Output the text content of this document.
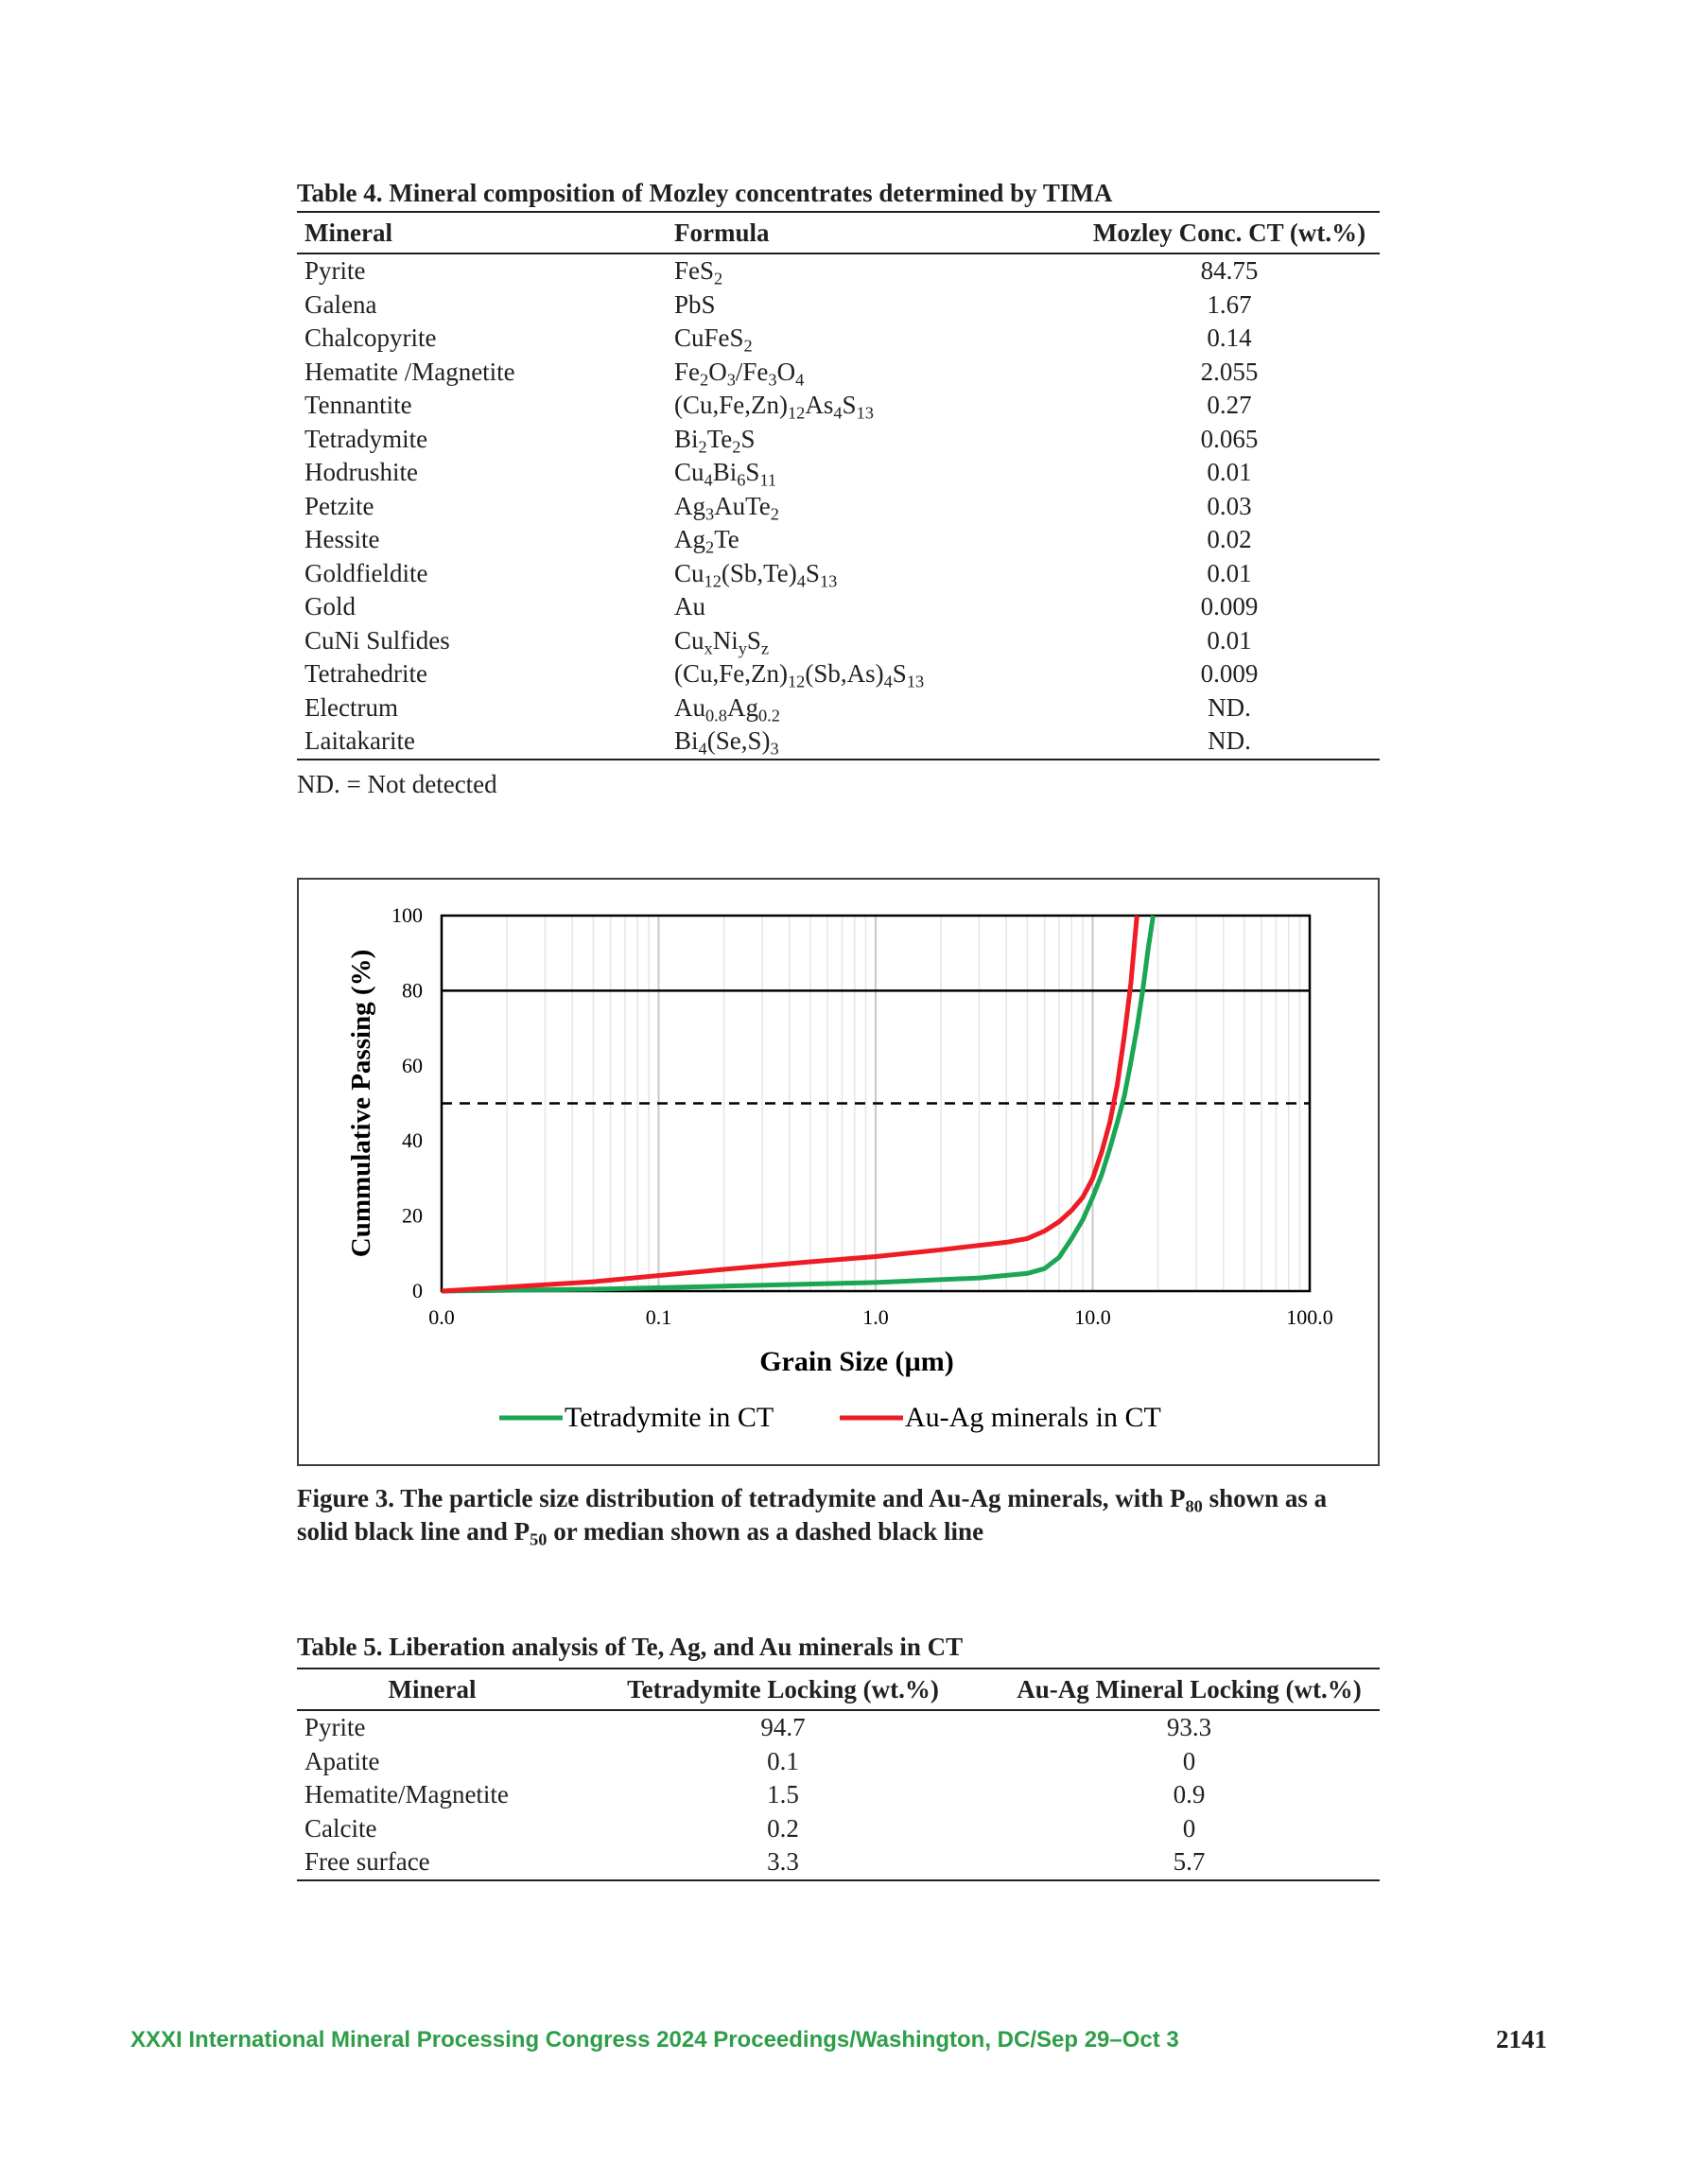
Table 4. Mineral composition of Mozley concentrates determined by TIMA
Mineral	Formula	Mozley Conc. CT (wt.%)
Pyrite	FeS$_2$	84.75
Galena	PbS	1.67
Chalcopyrite	CuFeS$_2$	0.14
Hematite /Magnetite	$Fe_2O_3/Fe_3O_4$	2.055
Tennantite	$(Cu,Fe,Zn)_{12}As_4S_{13}$	0.27
Tetradymite	$Bi_2Te_2S$	0.065
Hodrushite	$Cu_4Bi_6S_{11}$	0.01
Petzite	$Ag_3AuTe_2$	0.03
Hessite	$Ag_2Te$	0.02
Goldfieldite	$Cu_{12}(Sb,Te)_4S_{13}$	0.01
Gold	Au	0.009
CuNi Sulfides	$Cu_xNi_yS_z$	0.01
Tetrahedrite	$(Cu,Fe,Zn)_{12}(Sb,As)_4S_{13}$	0.009
Electrum	$Au_{0.8}Ag_{0.2}$	ND.
Laitakarite	$Bi_4(Se,S)_3$	ND.
ND. = Not detected
0
20
40
60
80
100
0.0	0.1	1.0	10.0	100.0
Grain Size (µm)
Cummulative Passing (%)
Tetradymite in CT	Au-Ag minerals in CT
Figure 3. The particle size distribution of tetradymite and Au-Ag minerals, with $P_{80}$ shown as a solid black line and $P_{50}$ or median shown as a dashed black line
Table 5. Liberation analysis of Te, Ag, and Au minerals in CT
Mineral	Tetradymite Locking (wt.%)	Au-Ag Mineral Locking (wt.%)
Pyrite	94.7	93.3
Apatite	0.1	0
Hematite/Magnetite	1.5	0.9
Calcite	0.2	0
Free surface	3.3	5.7
XXXI International Mineral Processing Congress 2024 Proceedings/Washington, DC/Sep 29–Oct 3	2141
